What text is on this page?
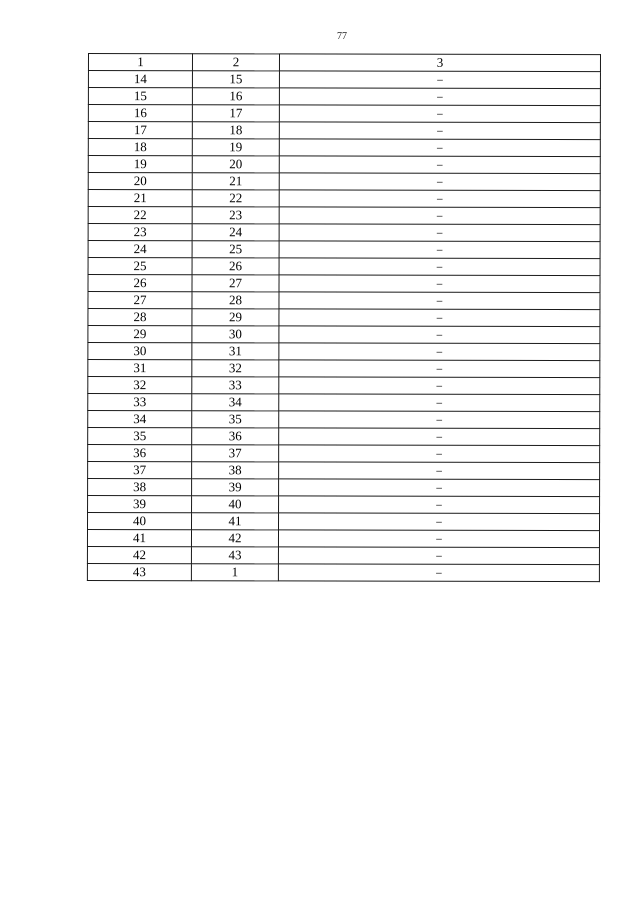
77
1	2	3
14	15	–
15	16	–
16	17	–
17	18	–
18	19	–
19	20	–
20	21	–
21	22	–
22	23	–
23	24	–
24	25	–
25	26	–
26	27	–
27	28	–
28	29	–
29	30	–
30	31	–
31	32	–
32	33	–
33	34	–
34	35	–
35	36	–
36	37	–
37	38	–
38	39	–
39	40	–
40	41	–
41	42	–
42	43	–
43	1	–
